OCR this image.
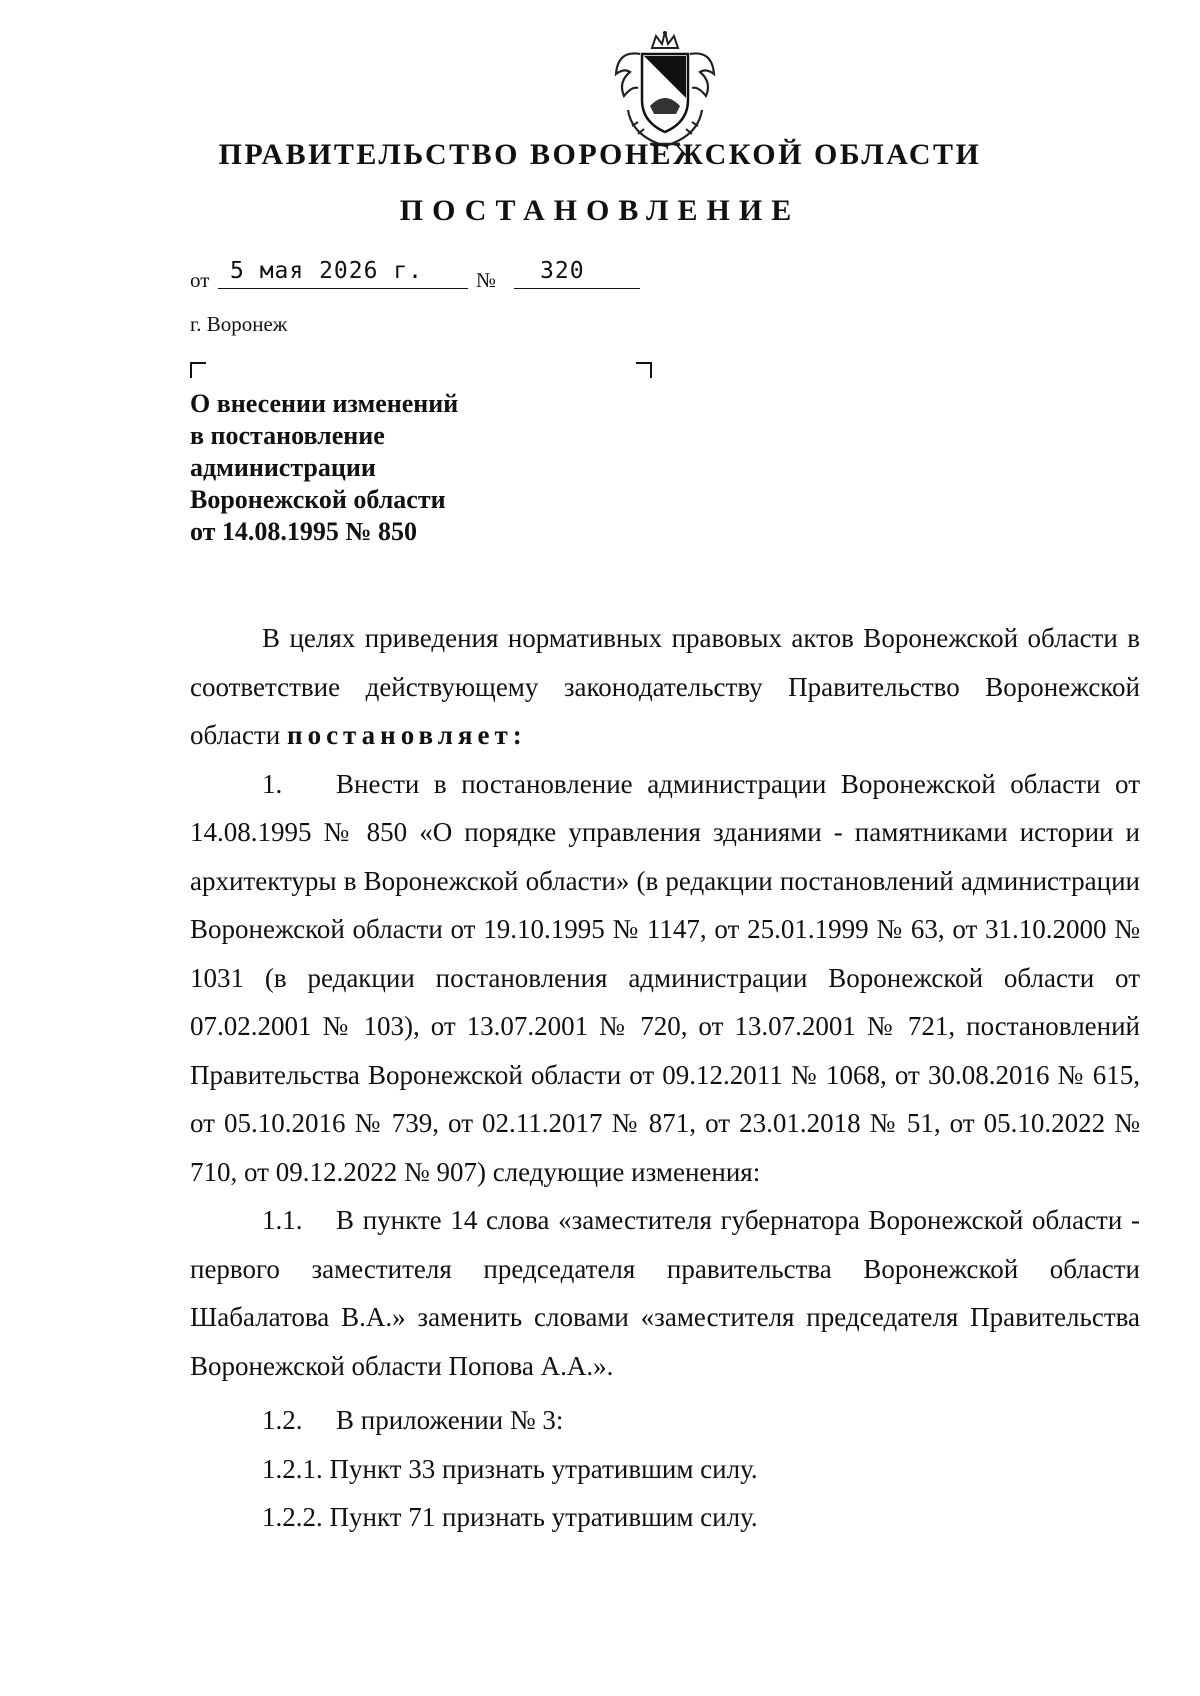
ПРАВИТЕЛЬСТВО ВОРОНЕЖСКОЙ ОБЛАСТИ
ПОСТАНОВЛЕНИЕ
от 5 мая 2026 г.	№	320
г. Воронеж
О внесении изменений
в постановление
администрации
Воронежской области
от 14.08.1995 № 850

В целях приведения нормативных правовых актов Воронежской области в соответствие действующему законодательству Правительство Воронежской области постановляет:

1. Внести в постановление администрации Воронежской области от 14.08.1995 № 850 «О порядке управления зданиями - памятниками истории и архитектуры в Воронежской области» (в редакции постановлений администрации Воронежской области от 19.10.1995 № 1147, от 25.01.1999 № 63, от 31.10.2000 № 1031 (в редакции постановления администрации Воронежской области от 07.02.2001 № 103), от 13.07.2001 № 720, от 13.07.2001 № 721, постановлений Правительства Воронежской области от 09.12.2011 № 1068, от 30.08.2016 № 615, от 05.10.2016 № 739, от 02.11.2017 № 871, от 23.01.2018 № 51, от 05.10.2022 № 710, от 09.12.2022 № 907) следующие изменения:

1.1. В пункте 14 слова «заместителя губернатора Воронежской области - первого заместителя председателя правительства Воронежской области Шабалатова В.А.» заменить словами «заместителя председателя Правительства Воронежской области Попова А.А.».

1.2. В приложении № 3:

1.2.1. Пункт 33 признать утратившим силу.

1.2.2. Пункт 71 признать утратившим силу.
